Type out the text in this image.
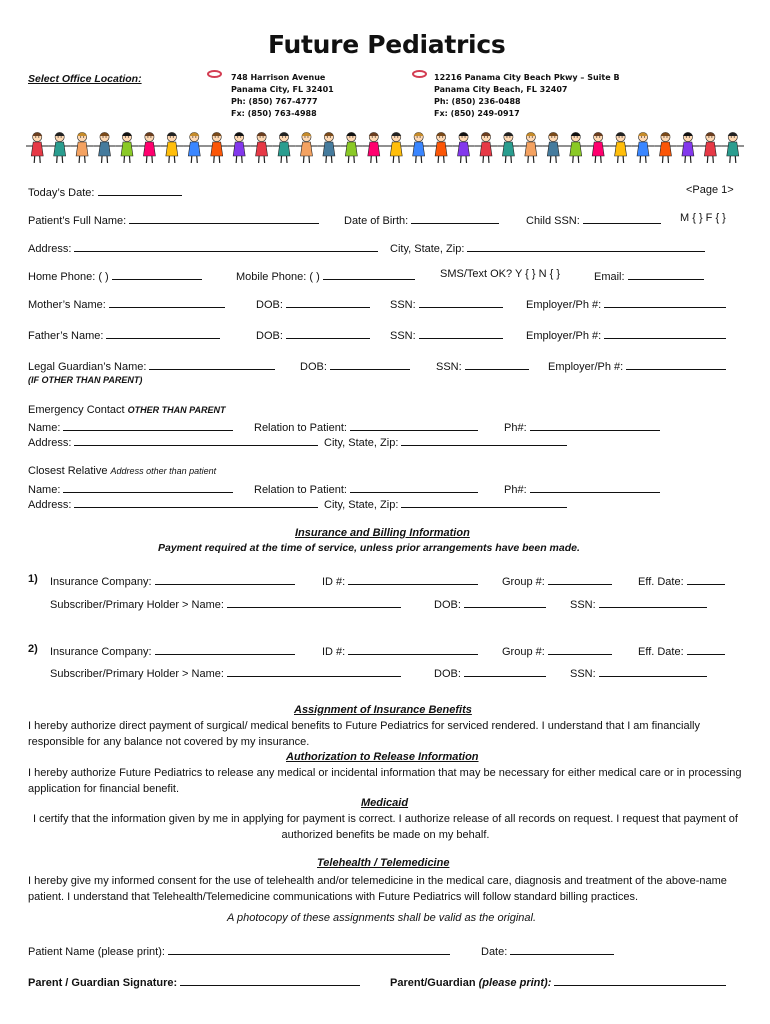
Future Pediatrics
Select Office Location:	748 Harrison Avenue
Panama City, FL 32401
Ph: (850) 767-4777
Fx: (850) 763-4988
12216 Panama City Beach Pkwy – Suite B
Panama City Beach, FL 32407
Ph: (850) 236-0488
Fx: (850) 249-0917
Today’s Date:	<Page 1>
Patient’s Full Name:	Date of Birth:	Child SSN:	M { } F { }
Address:	City, State, Zip:
Home Phone: ( )	Mobile Phone: ( )	SMS/Text OK? Y { } N { }	Email:
Mother’s Name:	DOB:	SSN:	Employer/Ph #:
Father’s Name:	DOB:	SSN:	Employer/Ph #:
Legal Guardian’s Name:	DOB:	SSN:	Employer/Ph #:
(IF OTHER THAN PARENT)
Emergency Contact OTHER THAN PARENT
Name:	Relation to Patient:	Ph#:
Address:	City, State, Zip:
Closest Relative Address other than patient
Name:	Relation to Patient:	Ph#:
Address:	City, State, Zip:
Insurance and Billing Information
Payment required at the time of service, unless prior arrangements have been made.
1) Insurance Company:	ID #:	Group #:	Eff. Date:
Subscriber/Primary Holder > Name:	DOB:	SSN:
2) Insurance Company:	ID #:	Group #:	Eff. Date:
Subscriber/Primary Holder > Name:	DOB:	SSN:
Assignment of Insurance Benefits
I hereby authorize direct payment of surgical/ medical benefits to Future Pediatrics for serviced rendered. I understand that I am financially responsible for any balance not covered by my insurance.
Authorization to Release Information
I hereby authorize Future Pediatrics to release any medical or incidental information that may be necessary for either medical care or in processing application for financial benefit.
Medicaid
I certify that the information given by me in applying for payment is correct. I authorize release of all records on request. I request that payment of authorized benefits be made on my behalf.
Telehealth / Telemedicine
I hereby give my informed consent for the use of telehealth and/or telemedicine in the medical care, diagnosis and treatment of the above-name patient. I understand that Telehealth/Telemedicine communications with Future Pediatrics will follow standard billing practices.
A photocopy of these assignments shall be valid as the original.
Patient Name (please print):	Date:
Parent / Guardian Signature:	Parent/Guardian (please print):
